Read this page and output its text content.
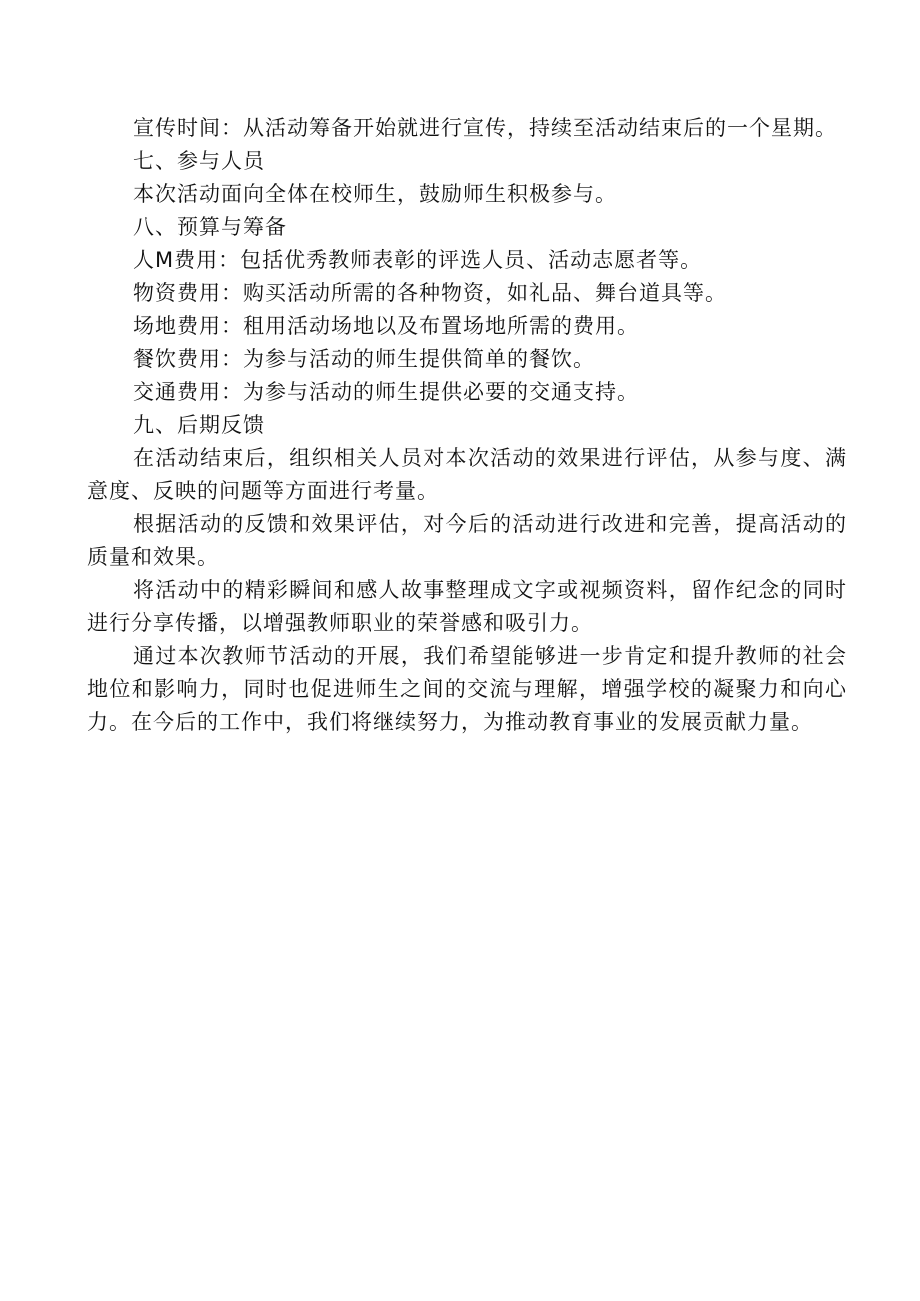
宣传时间：从活动筹备开始就进行宣传，持续至活动结束后的一个星期。

七、参与人员

本次活动面向全体在校师生，鼓励师生积极参与。

八、预算与筹备

人M费用：包括优秀教师表彰的评选人员、活动志愿者等。

物资费用：购买活动所需的各种物资，如礼品、舞台道具等。

场地费用：租用活动场地以及布置场地所需的费用。

餐饮费用：为参与活动的师生提供简单的餐饮。

交通费用：为参与活动的师生提供必要的交通支持。

九、后期反馈

在活动结束后，组织相关人员对本次活动的效果进行评估，从参与度、满意度、反映的问题等方面进行考量。

根据活动的反馈和效果评估，对今后的活动进行改进和完善，提高活动的质量和效果。

将活动中的精彩瞬间和感人故事整理成文字或视频资料，留作纪念的同时进行分享传播，以增强教师职业的荣誉感和吸引力。

通过本次教师节活动的开展，我们希望能够进一步肯定和提升教师的社会地位和影响力，同时也促进师生之间的交流与理解，增强学校的凝聚力和向心力。在今后的工作中，我们将继续努力，为推动教育事业的发展贡献力量。
